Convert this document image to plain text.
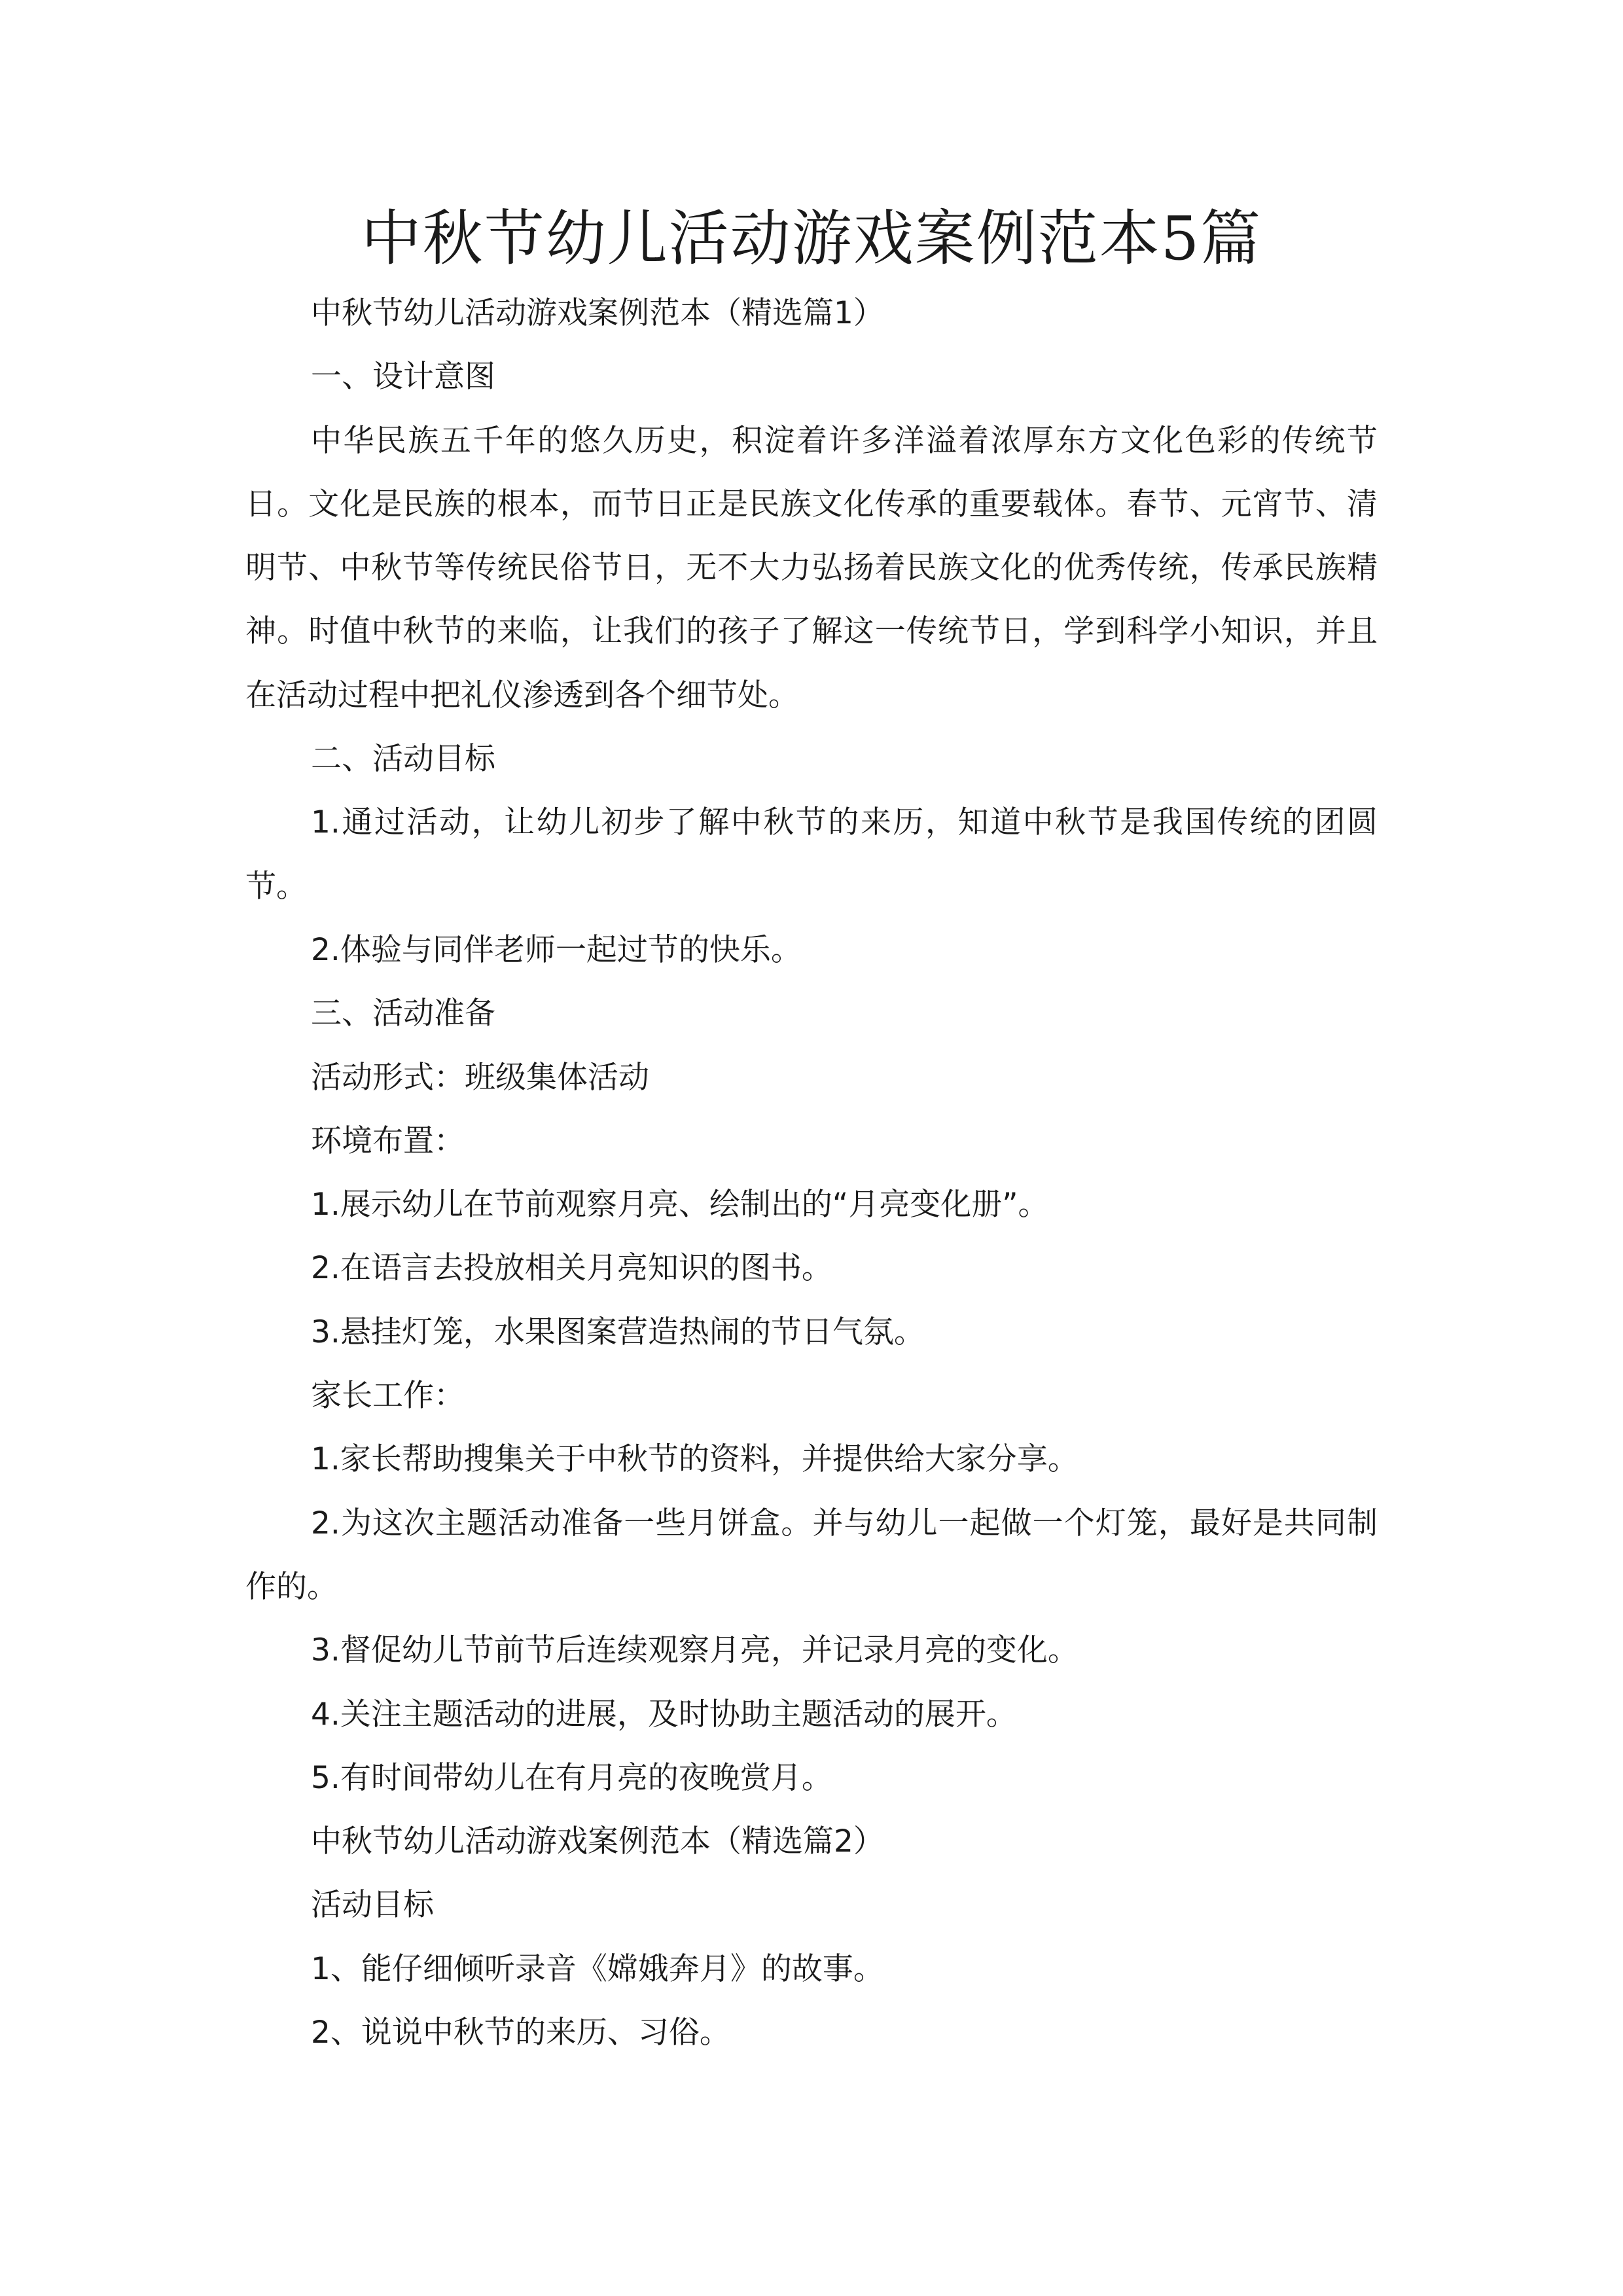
中秋节幼儿活动游戏案例范本5篇

中秋节幼儿活动游戏案例范本（精选篇1）

一、设计意图

中华民族五千年的悠久历史，积淀着许多洋溢着浓厚东方文化色彩的传统节日。文化是民族的根本，而节日正是民族文化传承的重要载体。春节、元宵节、清明节、中秋节等传统民俗节日，无不大力弘扬着民族文化的优秀传统，传承民族精神。时值中秋节的来临，让我们的孩子了解这一传统节日，学到科学小知识，并且在活动过程中把礼仪渗透到各个细节处。

二、活动目标

1.通过活动，让幼儿初步了解中秋节的来历，知道中秋节是我国传统的团圆节。

2.体验与同伴老师一起过节的快乐。

三、活动准备

活动形式：班级集体活动

环境布置：

1.展示幼儿在节前观察月亮、绘制出的“月亮变化册”。

2.在语言去投放相关月亮知识的图书。

3.悬挂灯笼，水果图案营造热闹的节日气氛。

家长工作：

1.家长帮助搜集关于中秋节的资料，并提供给大家分享。

2.为这次主题活动准备一些月饼盒。并与幼儿一起做一个灯笼，最好是共同制作的。

3.督促幼儿节前节后连续观察月亮，并记录月亮的变化。

4.关注主题活动的进展，及时协助主题活动的展开。

5.有时间带幼儿在有月亮的夜晚赏月。

中秋节幼儿活动游戏案例范本（精选篇2）

活动目标

1、能仔细倾听录音《嫦娥奔月》的故事。

2、说说中秋节的来历、习俗。
